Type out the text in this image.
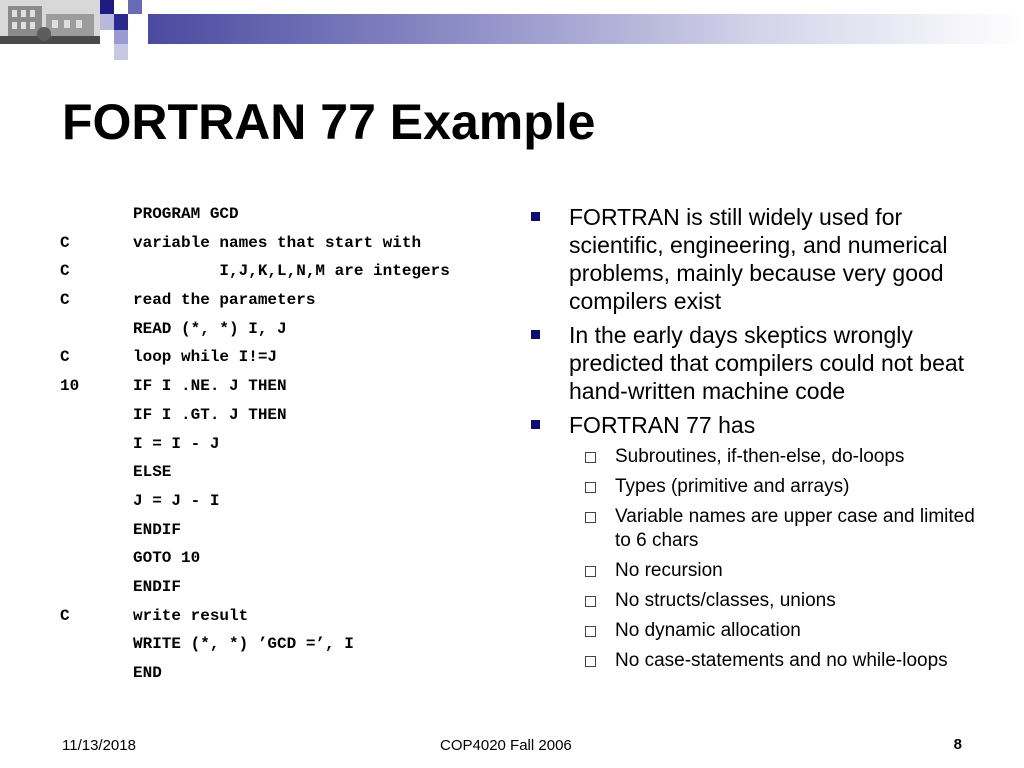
FORTRAN 77 Example
PROGRAM GCD
C	variable names that start with
C	I,J,K,L,N,M are integers
C	read the parameters
READ (*, *) I, J
C	loop while I!=J
10	IF I .NE. J THEN
IF I .GT. J THEN
I = I - J
ELSE
J = J - I
ENDIF
GOTO 10
ENDIF
C	write result
WRITE (*, *) ’GCD =’, I
END
FORTRAN is still widely used for scientific, engineering, and numerical problems, mainly because very good compilers exist
In the early days skeptics wrongly predicted that compilers could not beat hand-written machine code
FORTRAN 77 has
Subroutines, if-then-else, do-loops
Types (primitive and arrays)
Variable names are upper case and limited to 6 chars
No recursion
No structs/classes, unions
No dynamic allocation
No case-statements and no while-loops
11/13/2018	COP4020 Fall 2006	8
